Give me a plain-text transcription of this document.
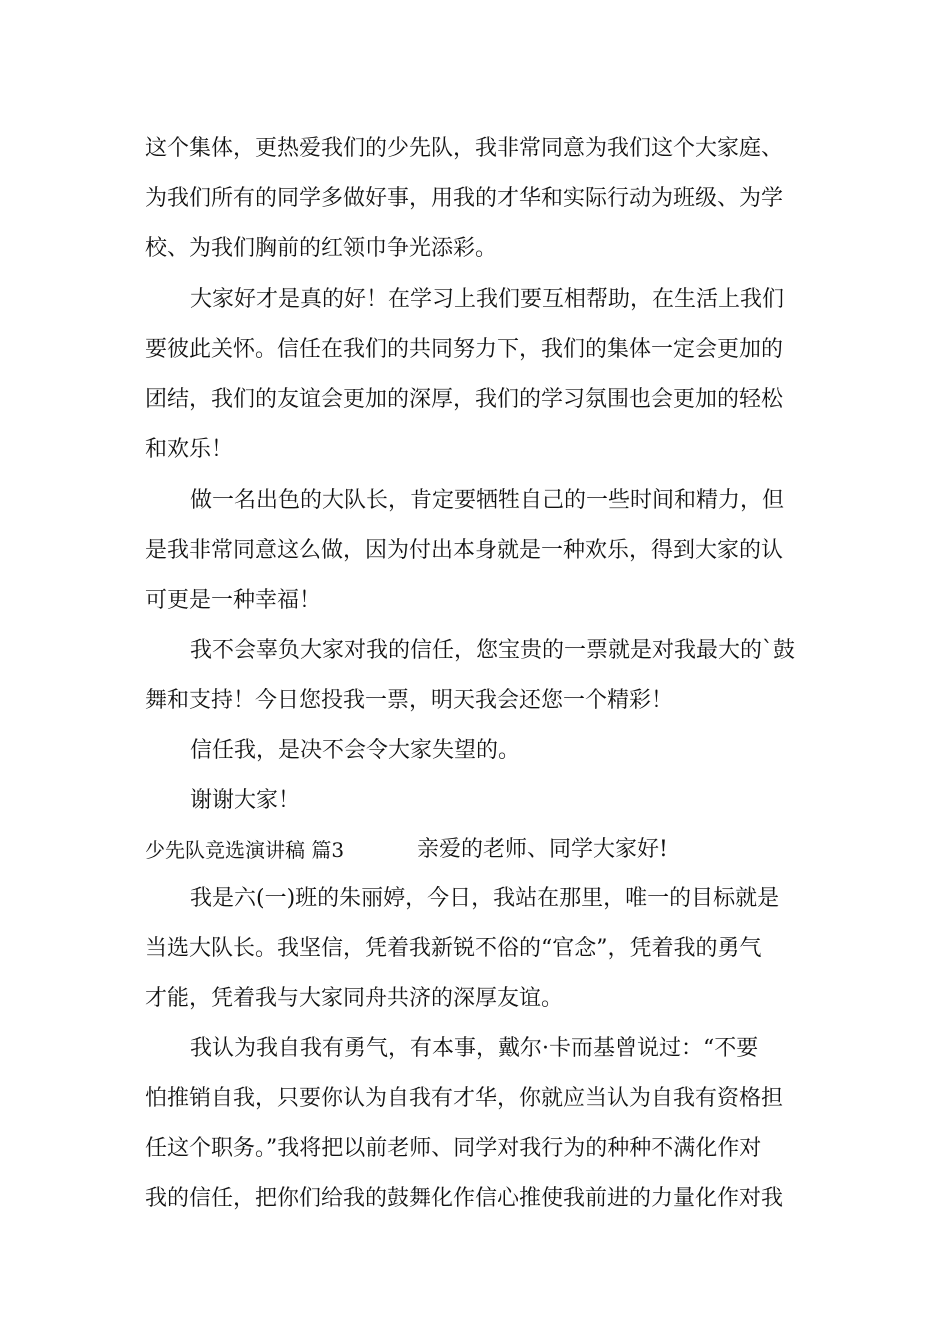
这个集体，更热爱我们的少先队，我非常同意为我们这个大家庭、
为我们所有的同学多做好事，用我的才华和实际行动为班级、为学
校、为我们胸前的红领巾争光添彩。
大家好才是真的好！在学习上我们要互相帮助，在生活上我们
要彼此关怀。信任在我们的共同努力下，我们的集体一定会更加的
团结，我们的友谊会更加的深厚，我们的学习氛围也会更加的轻松
和欢乐！
做一名出色的大队长，肯定要牺牲自己的一些时间和精力，但
是我非常同意这么做，因为付出本身就是一种欢乐，得到大家的认
可更是一种幸福！
我不会辜负大家对我的信任，您宝贵的一票就是对我最大的`鼓
舞和支持！今日您投我一票，明天我会还您一个精彩！
信任我，是决不会令大家失望的。
谢谢大家！
少先队竞选演讲稿 篇3	亲爱的老师、同学大家好!
我是六(一)班的朱丽婷，今日，我站在那里，唯一的目标就是
当选大队长。我坚信，凭着我新锐不俗的“官念”，凭着我的勇气
才能，凭着我与大家同舟共济的深厚友谊。
我认为我自我有勇气，有本事，戴尔·卡而基曾说过：“不要
怕推销自我，只要你认为自我有才华，你就应当认为自我有资格担
任这个职务。”我将把以前老师、同学对我行为的种种不满化作对
我的信任，把你们给我的鼓舞化作信心推使我前进的力量化作对我
